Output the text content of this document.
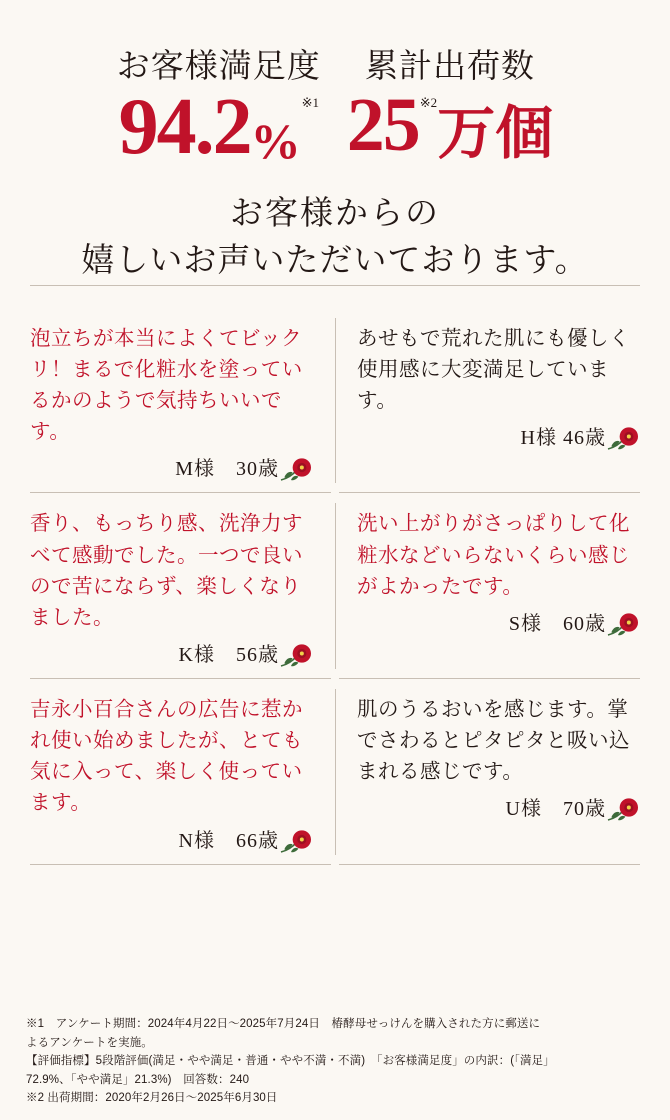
お客様満足度
94.2 %
※1
累計出荷数
25 ※2 万個
お客様からの
嬉しいお声いただいております。
泡立ちが本当によくてビックリ！まるで化粧水を塗っているかのようで気持ちいいです。
M様　30歳
あせもで荒れた肌にも優しく使用感に大変満足しています。
H様 46歳
香り、もっちり感、洗浄力すべて感動でした。一つで良いので苦にならず、楽しくなりました。
K様　56歳
洗い上がりがさっぱりして化粧水などいらないくらい感じがよかったです。
S様　60歳
吉永小百合さんの広告に惹かれ使い始めましたが、とても気に入って、楽しく使っています。
N様　66歳
肌のうるおいを感じます。掌でさわるとピタピタと吸い込まれる感じです。
U様　70歳
※1　アンケート期間：2024年4月22日〜2025年7月24日　椿酵母せっけんを購入された方に郵送に
よるアンケートを実施。
【評価指標】5段階評価(満足・やや満足・普通・やや不満・不満)　「お客様満足度」の内訳：(「満足」
72.9%、「やや満足」21.3%)　回答数：240
※2 出荷期間：2020年2月26日〜2025年6月30日
